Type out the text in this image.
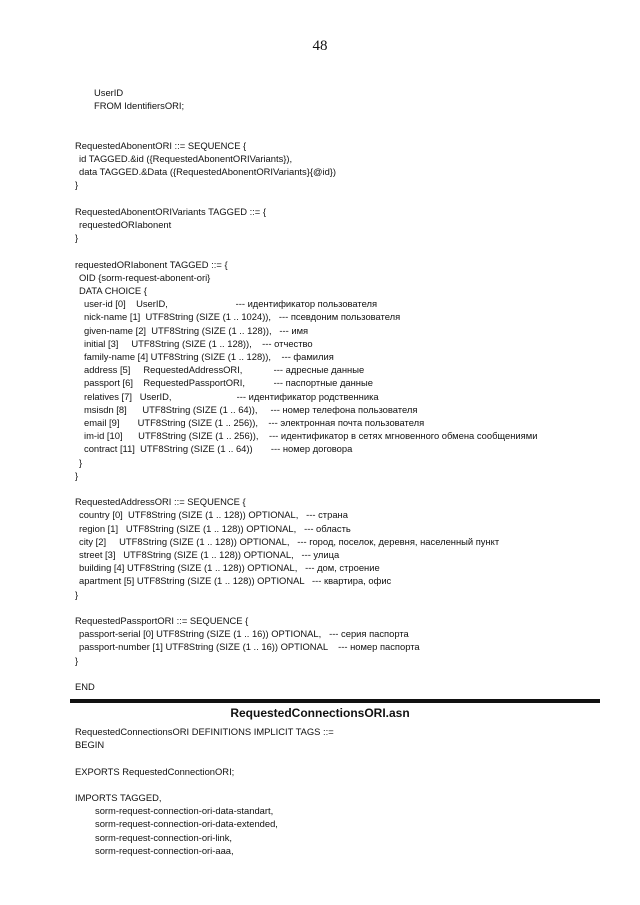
48
UserID
FROM IdentifiersORI;
RequestedAbonentORI ::= SEQUENCE {
id TAGGED.&id ({RequestedAbonentORIVariants}),
data TAGGED.&Data ({RequestedAbonentORIVariants}{@id})
}
RequestedAbonentORIVariants TAGGED ::= {
requestedORIabonent
}
requestedORIabonent TAGGED ::= {
OID {sorm-request-abonent-ori}
DATA CHOICE {
user-id [0]    UserID,                          --- идентификатор пользователя
nick-name [1]  UTF8String (SIZE (1 .. 1024)),   --- псевдоним пользователя
given-name [2]  UTF8String (SIZE (1 .. 128)),   --- имя
initial [3]     UTF8String (SIZE (1 .. 128)),    --- отчество
family-name [4] UTF8String (SIZE (1 .. 128)),    --- фамилия
address [5]     RequestedAddressORI,            --- адресные данные
passport [6]    RequestedPassportORI,           --- паспортные данные
relatives [7]   UserID,                         --- идентификатор родственника
msisdn [8]      UTF8String (SIZE (1 .. 64)),     --- номер телефона пользователя
email [9]       UTF8String (SIZE (1 .. 256)),    --- электронная почта пользователя
im-id [10]      UTF8String (SIZE (1 .. 256)),    --- идентификатор в сетях мгновенного обмена сообщениями
contract [11]  UTF8String (SIZE (1 .. 64))       --- номер договора
}
}
RequestedAddressORI ::= SEQUENCE {
country [0]  UTF8String (SIZE (1 .. 128)) OPTIONAL,   --- страна
region [1]   UTF8String (SIZE (1 .. 128)) OPTIONAL,   --- область
city [2]     UTF8String (SIZE (1 .. 128)) OPTIONAL,   --- город, поселок, деревня, населенный пункт
street [3]   UTF8String (SIZE (1 .. 128)) OPTIONAL,   --- улица
building [4] UTF8String (SIZE (1 .. 128)) OPTIONAL,   --- дом, строение
apartment [5] UTF8String (SIZE (1 .. 128)) OPTIONAL   --- квартира, офис
}
RequestedPassportORI ::= SEQUENCE {
passport-serial [0] UTF8String (SIZE (1 .. 16)) OPTIONAL,   --- серия паспорта
passport-number [1] UTF8String (SIZE (1 .. 16)) OPTIONAL    --- номер паспорта
}
END
RequestedConnectionsORI.asn
RequestedConnectionsORI DEFINITIONS IMPLICIT TAGS ::=
BEGIN
EXPORTS RequestedConnectionORI;
IMPORTS TAGGED,
sorm-request-connection-ori-data-standart,
sorm-request-connection-ori-data-extended,
sorm-request-connection-ori-link,
sorm-request-connection-ori-aaa,
